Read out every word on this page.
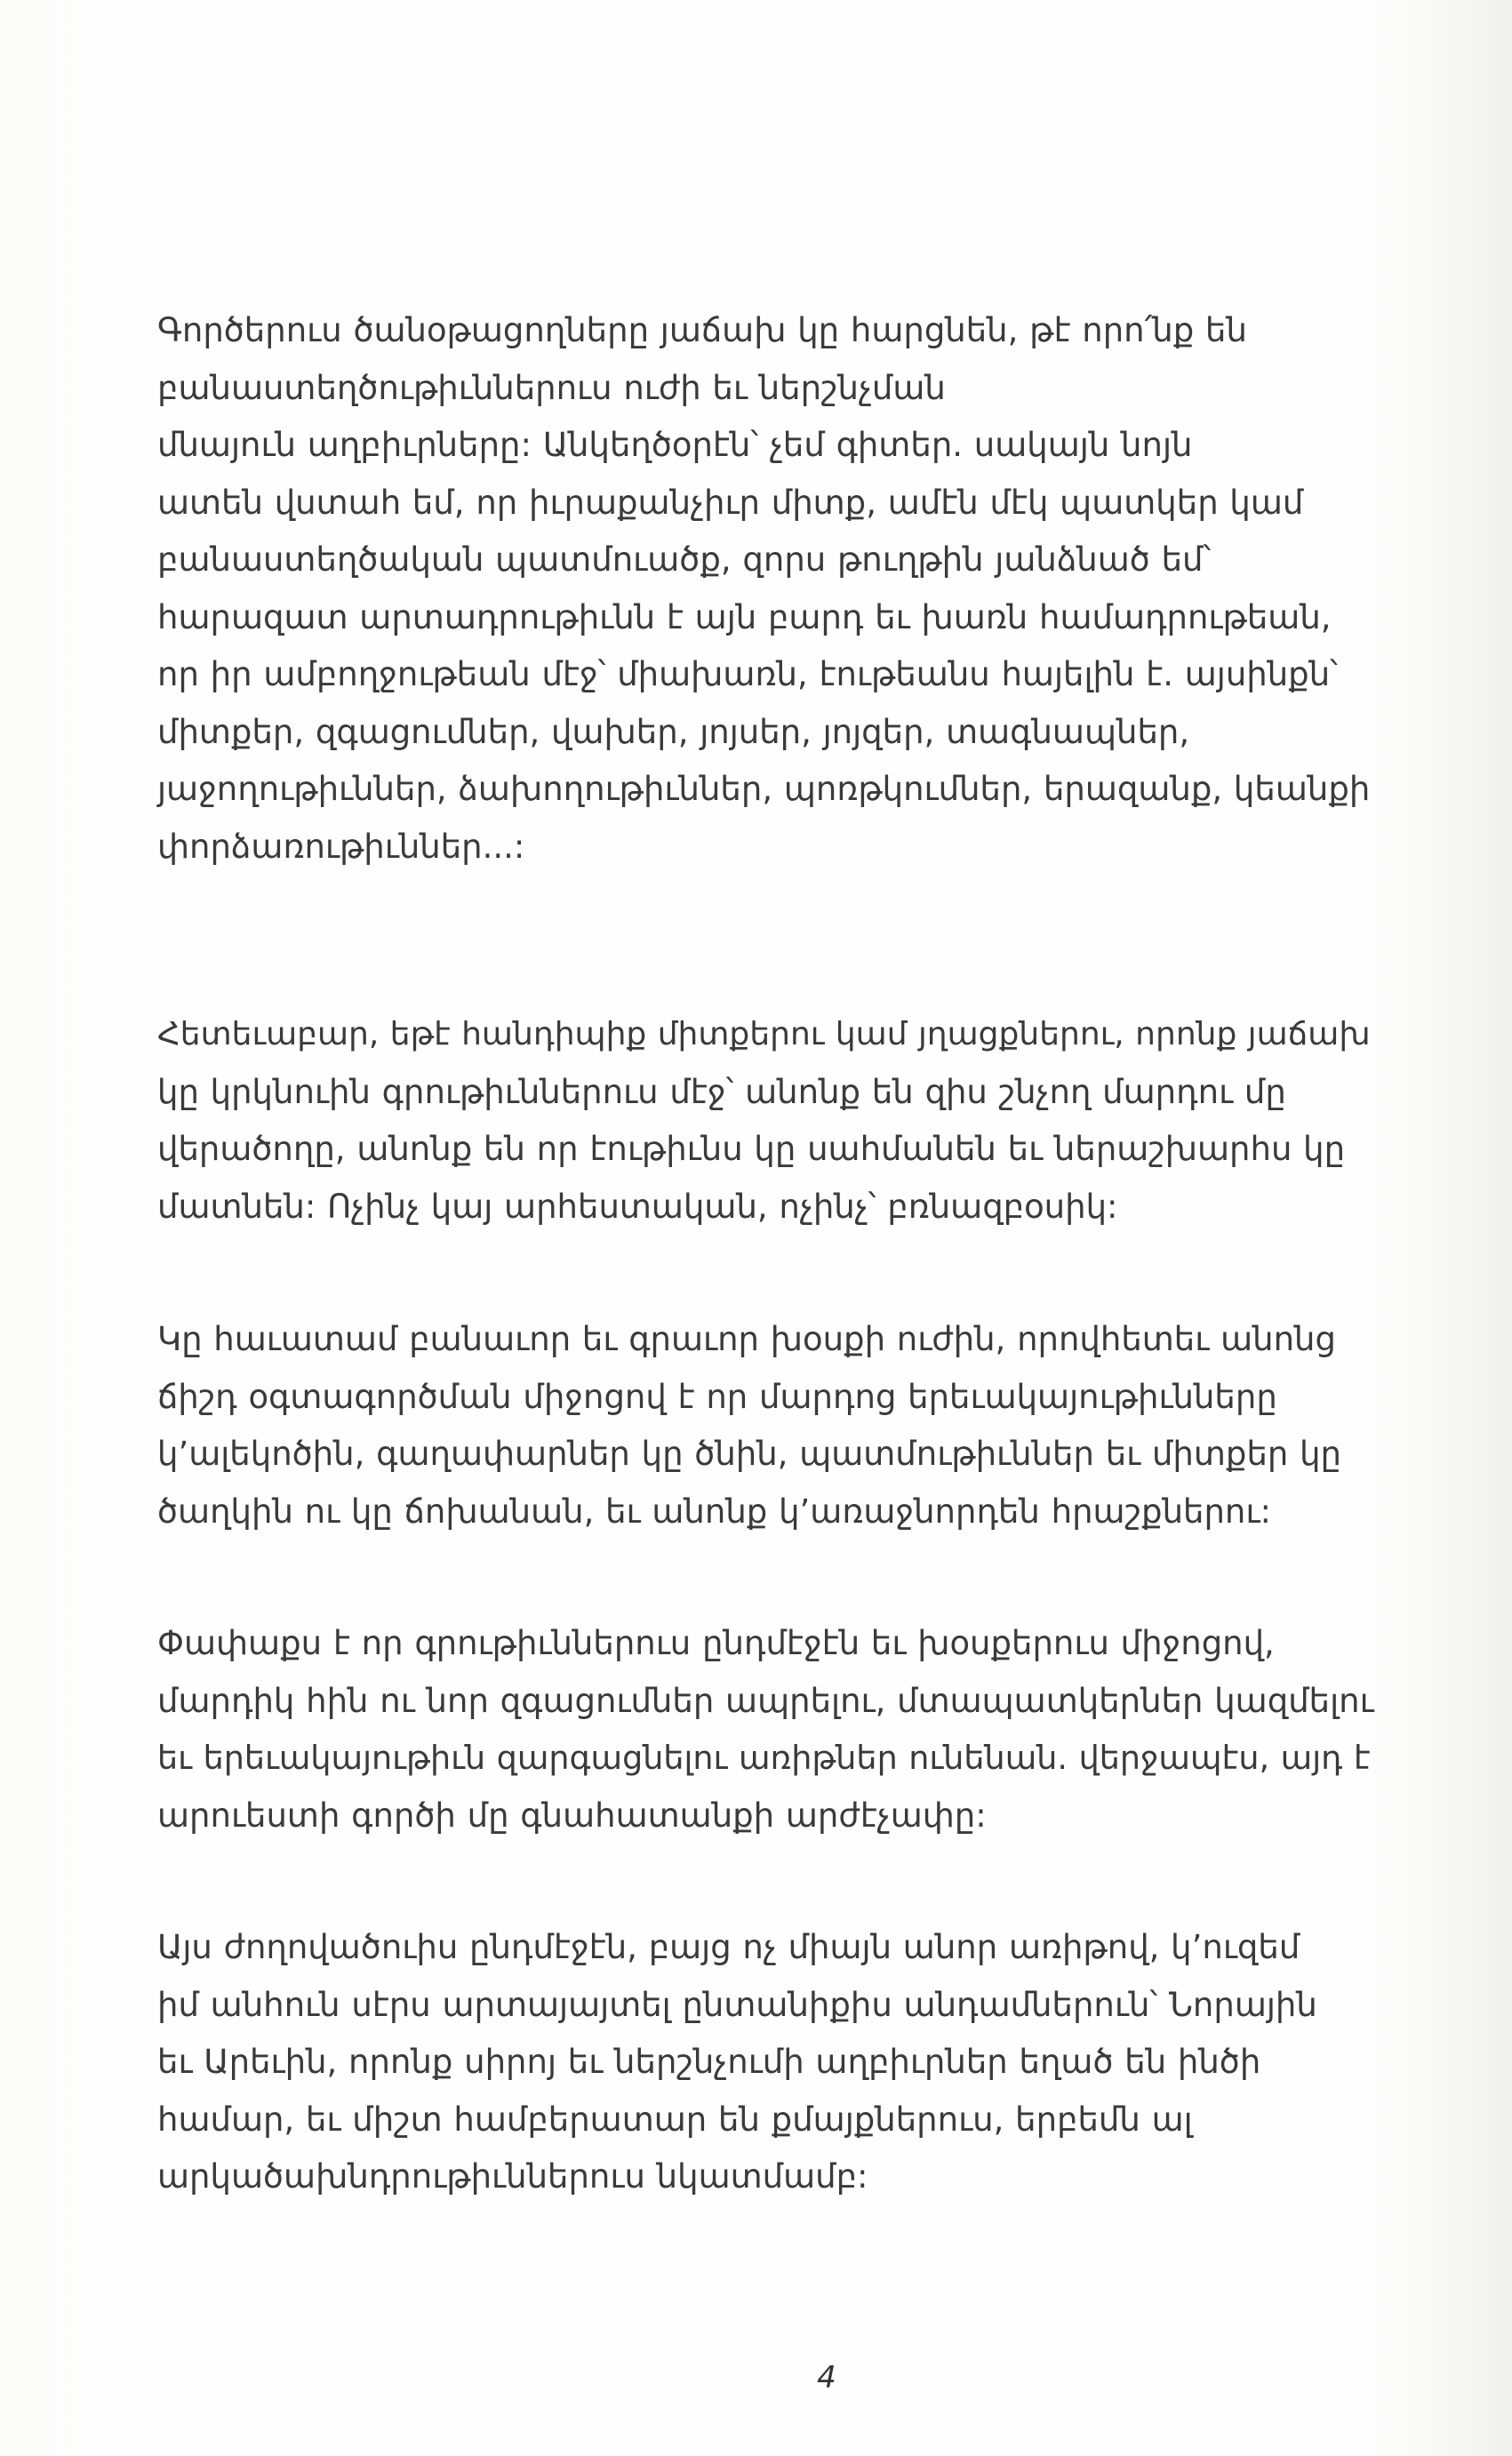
Գործերուս ծանօթացողները յաճախ կը հարցնեն, թէ որո՛նք են
բանաստեղծութիւններուս ուժի եւ ներշնչման
մնայուն աղբիւրները: Անկեղծօրէն՝ չեմ գիտեր. սակայն նոյն
ատեն վստահ եմ, որ իւրաքանչիւր միտք, ամէն մէկ պատկեր կամ
բանաստեղծական պատմուածք, զորս թուղթին յանձնած եմ՝
հարազատ արտադրութիւնն է այն բարդ եւ խառն համադրութեան,
որ իր ամբողջութեան մէջ՝ միախառն, էութեանս հայելին է. այսինքն՝
միտքեր, զգացումներ, վախեր, յոյսեր, յոյզեր, տագնապներ,
յաջողութիւններ, ձախողութիւններ, պոռթկումներ, երազանք, կեանքի
փորձառութիւններ...:

Հետեւաբար, եթէ հանդիպիք միտքերու կամ յղացքներու, որոնք յաճախ
կը կրկնուին գրութիւններուս մէջ՝ անոնք են զիս շնչող մարդու մը
վերածողը, անոնք են որ էութիւնս կը սահմանեն եւ ներաշխարհս կը
մատնեն: Ոչինչ կայ արհեստական, ոչինչ՝ բռնազբօսիկ:

Կը հաւատամ բանաւոր եւ գրաւոր խօսքի ուժին, որովհետեւ անոնց
ճիշդ օգտագործման միջոցով է որ մարդոց երեւակայութիւնները
կ՚ալեկոծին, գաղափարներ կը ծնին, պատմութիւններ եւ միտքեր կը
ծաղկին ու կը ճոխանան, եւ անոնք կ՚առաջնորդեն հրաշքներու:

Փափաքս է որ գրութիւններուս ընդմէջէն եւ խօսքերուս միջոցով,
մարդիկ հին ու նոր զգացումներ ապրելու, մտապատկերներ կազմելու
եւ երեւակայութիւն զարգացնելու առիթներ ունենան. վերջապէս, այդ է
արուեստի գործի մը գնահատանքի արժէչափը:

Այս ժողովածուիս ընդմէջէն, բայց ոչ միայն անոր առիթով, կ՚ուզեմ
իմ անհուն սէրս արտայայտել ընտանիքիս անդամներուն՝ Նորային
եւ Արեւին, որոնք սիրոյ եւ ներշնչումի աղբիւրներ եղած են ինծի
համար, եւ միշտ համբերատար են քմայքներուս, երբեմն ալ
արկածախնդրութիւններուս նկատմամբ:

4
